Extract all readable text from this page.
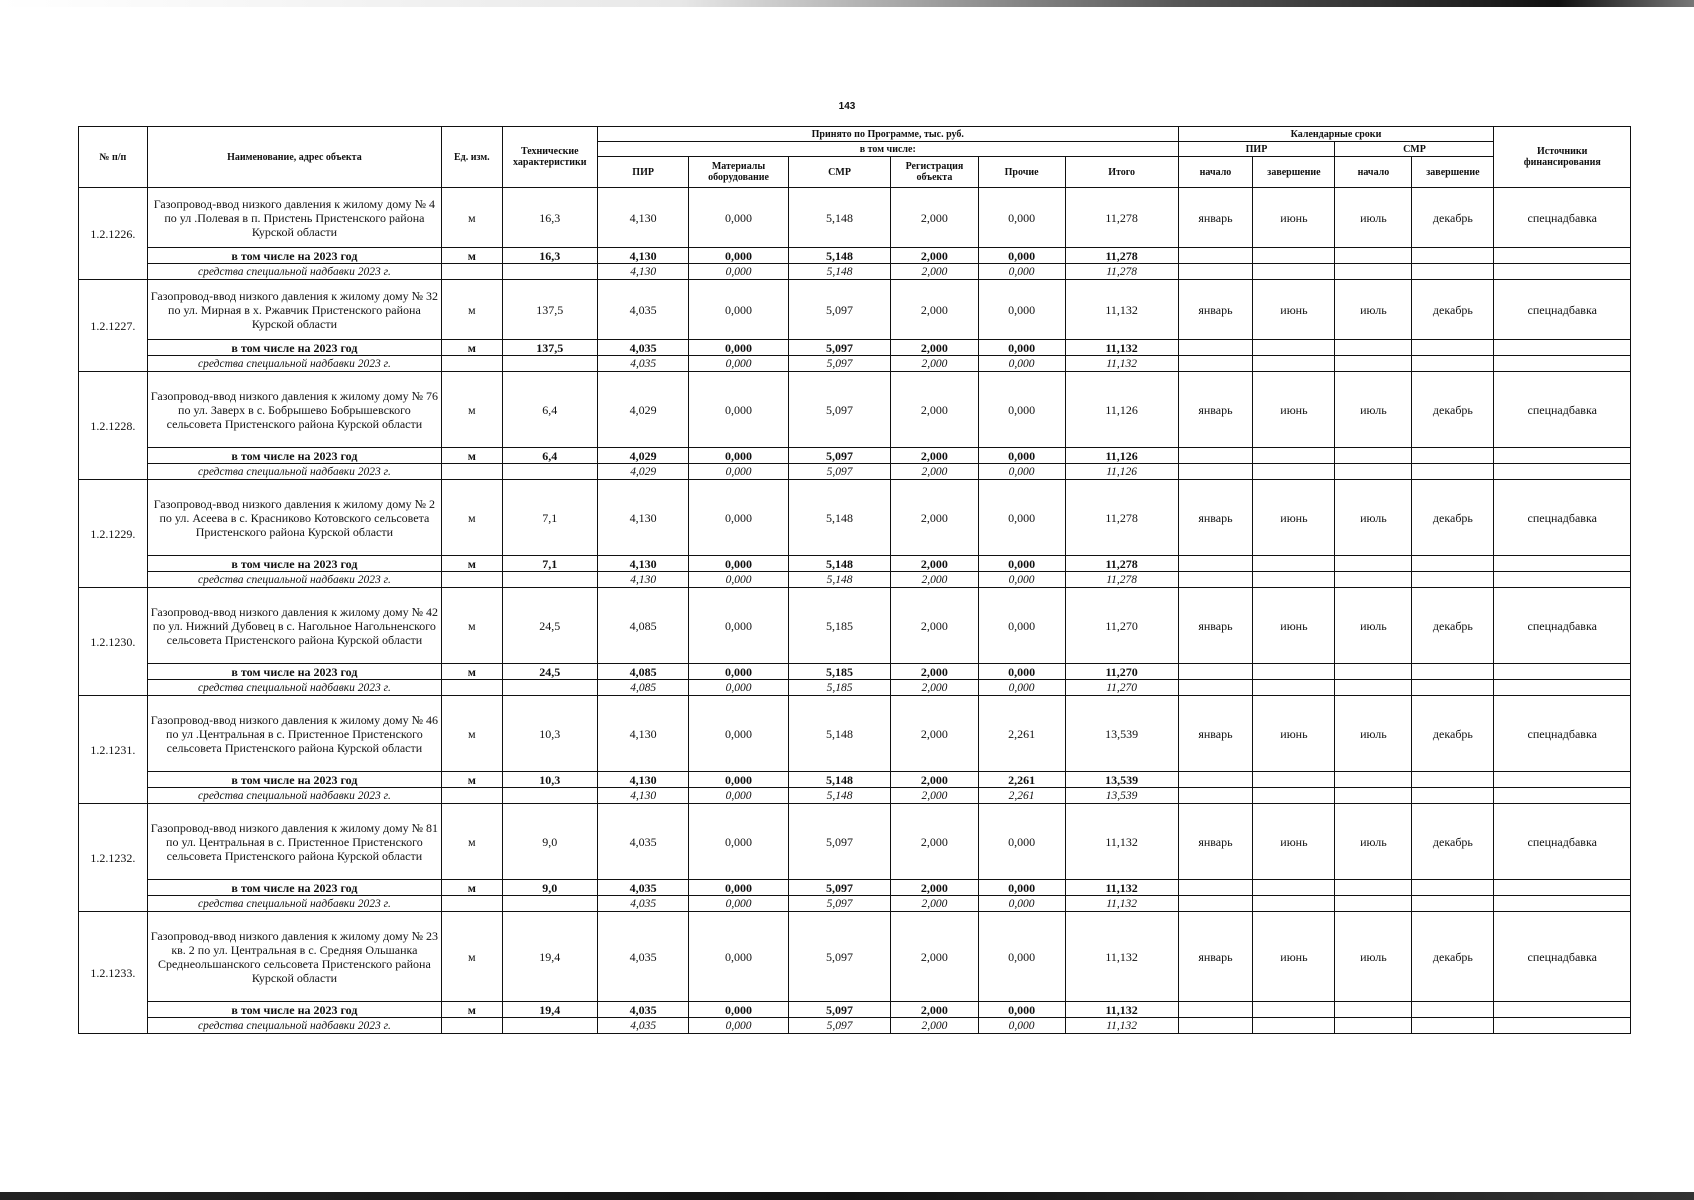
143
№ п/п	Наименование, адрес объекта	Ед. изм.	Технические характеристики	Принято по Программе, тыс. руб.						Календарные сроки				Источники финансирования
				в том числе:						ПИР		СМР		
				ПИР	Материалы оборудование	СМР	Регистрация объекта	Прочие	Итого	начало	завершение	начало	завершение	
1.2.1226.	Газопровод-ввод низкого давления к жилому дому № 4 по ул .Полевая в п. Пристень Пристенского района Курской области	м	16,3	4,130	0,000	5,148	2,000	0,000	11,278	январь	июнь	июль	декабрь	спецнадбавка
	в том числе на 2023 год	м	16,3	4,130	0,000	5,148	2,000	0,000	11,278					
	средства специальной надбавки 2023 г.			4,130	0,000	5,148	2,000	0,000	11,278					
1.2.1227.	Газопровод-ввод низкого давления к жилому дому № 32 по ул. Мирная в х. Ржавчик Пристенского района Курской области	м	137,5	4,035	0,000	5,097	2,000	0,000	11,132	январь	июнь	июль	декабрь	спецнадбавка
	в том числе на 2023 год	м	137,5	4,035	0,000	5,097	2,000	0,000	11,132					
	средства специальной надбавки 2023 г.			4,035	0,000	5,097	2,000	0,000	11,132					
1.2.1228.	Газопровод-ввод низкого давления к жилому дому № 76 по ул. Заверх в с. Бобрышево Бобрышевского сельсовета Пристенского района Курской области	м	6,4	4,029	0,000	5,097	2,000	0,000	11,126	январь	июнь	июль	декабрь	спецнадбавка
	в том числе на 2023 год	м	6,4	4,029	0,000	5,097	2,000	0,000	11,126					
	средства специальной надбавки 2023 г.			4,029	0,000	5,097	2,000	0,000	11,126					
1.2.1229.	Газопровод-ввод низкого давления к жилому дому № 2 по ул. Асеева в с. Красниково Котовского сельсовета Пристенского района Курской области	м	7,1	4,130	0,000	5,148	2,000	0,000	11,278	январь	июнь	июль	декабрь	спецнадбавка
	в том числе на 2023 год	м	7,1	4,130	0,000	5,148	2,000	0,000	11,278					
	средства специальной надбавки 2023 г.			4,130	0,000	5,148	2,000	0,000	11,278					
1.2.1230.	Газопровод-ввод низкого давления к жилому дому № 42 по ул. Нижний Дубовец в с. Нагольное Нагольненского сельсовета Пристенского района Курской области	м	24,5	4,085	0,000	5,185	2,000	0,000	11,270	январь	июнь	июль	декабрь	спецнадбавка
	в том числе на 2023 год	м	24,5	4,085	0,000	5,185	2,000	0,000	11,270					
	средства специальной надбавки 2023 г.			4,085	0,000	5,185	2,000	0,000	11,270					
1.2.1231.	Газопровод-ввод низкого давления к жилому дому № 46 по ул .Центральная в с. Пристенное Пристенского сельсовета Пристенского района Курской области	м	10,3	4,130	0,000	5,148	2,000	2,261	13,539	январь	июнь	июль	декабрь	спецнадбавка
	в том числе на 2023 год	м	10,3	4,130	0,000	5,148	2,000	2,261	13,539					
	средства специальной надбавки 2023 г.			4,130	0,000	5,148	2,000	2,261	13,539					
1.2.1232.	Газопровод-ввод низкого давления к жилому дому № 81 по ул. Центральная в с. Пристенное Пристенского сельсовета Пристенского района Курской области	м	9,0	4,035	0,000	5,097	2,000	0,000	11,132	январь	июнь	июль	декабрь	спецнадбавка
	в том числе на 2023 год	м	9,0	4,035	0,000	5,097	2,000	0,000	11,132					
	средства специальной надбавки 2023 г.			4,035	0,000	5,097	2,000	0,000	11,132					
1.2.1233.	Газопровод-ввод низкого давления к жилому дому № 23 кв. 2 по ул. Центральная в с. Средняя Ольшанка Среднеольшанского сельсовета Пристенского района Курской области	м	19,4	4,035	0,000	5,097	2,000	0,000	11,132	январь	июнь	июль	декабрь	спецнадбавка
	в том числе на 2023 год	м	19,4	4,035	0,000	5,097	2,000	0,000	11,132					
	средства специальной надбавки 2023 г.			4,035	0,000	5,097	2,000	0,000	11,132					
